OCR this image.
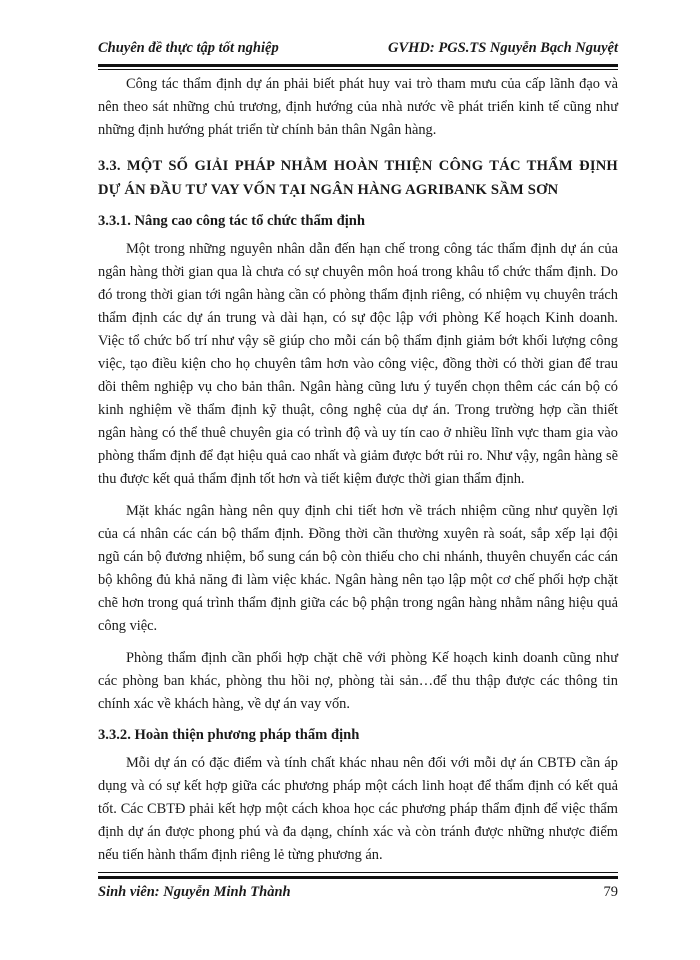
Chuyên đề thực tập tốt nghiệp	GVHD: PGS.TS Nguyễn Bạch Nguyệt

Công tác thẩm định dự án phải biết phát huy vai trò tham mưu của cấp lãnh đạo và nên theo sát những chủ trương, định hướng của nhà nước về phát triển kinh tế cũng như những định hướng phát triển từ chính bản thân Ngân hàng.

3.3. MỘT SỐ GIẢI PHÁP NHẰM HOÀN THIỆN CÔNG TÁC THẨM ĐỊNH DỰ ÁN ĐẦU TƯ VAY VỐN TẠI NGÂN HÀNG AGRIBANK SẦM SƠN
3.3.1. Nâng cao công tác tổ chức thẩm định

Một trong những nguyên nhân dẫn đến hạn chế trong công tác thẩm định dự án của ngân hàng thời gian qua là chưa có sự chuyên môn hoá trong khâu tổ chức thẩm định. Do đó trong thời gian tới ngân hàng cần có phòng thẩm định riêng, có nhiệm vụ chuyên trách thẩm định các dự án trung và dài hạn, có sự độc lập với phòng Kế hoạch Kinh doanh. Việc tổ chức bố trí như vậy sẽ giúp cho mỗi cán bộ thẩm định giảm bớt khối lượng công việc, tạo điều kiện cho họ chuyên tâm hơn vào công việc, đồng thời có thời gian để trau dồi thêm nghiệp vụ cho bản thân. Ngân hàng cũng lưu ý tuyển chọn thêm các cán bộ có kinh nghiệm về thẩm định kỹ thuật, công nghệ của dự án. Trong trường hợp cần thiết ngân hàng có thể thuê chuyên gia có trình độ và uy tín cao ở nhiều lĩnh vực tham gia vào phòng thẩm định để đạt hiệu quả cao nhất và giảm được bớt rủi ro. Như vậy, ngân hàng sẽ thu được kết quả thẩm định tốt hơn và tiết kiệm được thời gian thẩm định.

Mặt khác ngân hàng nên quy định chi tiết hơn về trách nhiệm cũng như quyền lợi của cá nhân các cán bộ thẩm định. Đồng thời cần thường xuyên rà soát, sắp xếp lại đội ngũ cán bộ đương nhiệm, bổ sung cán bộ còn thiếu cho chi nhánh, thuyên chuyển các cán bộ không đủ khả năng đi làm việc khác. Ngân hàng nên tạo lập một cơ chế phối hợp chặt chẽ hơn trong quá trình thẩm định giữa các bộ phận trong ngân hàng nhằm nâng hiệu quả công việc.

Phòng thẩm định cần phối hợp chặt chẽ với phòng Kế hoạch kinh doanh cũng như các phòng ban khác, phòng thu hồi nợ, phòng tài sản…để thu thập được các thông tin chính xác về khách hàng, về dự án vay vốn.

3.3.2. Hoàn thiện phương pháp thẩm định

Mỗi dự án có đặc điểm và tính chất khác nhau nên đối với mỗi dự án CBTĐ cần áp dụng và có sự kết hợp giữa các phương pháp một cách linh hoạt để thẩm định có kết quả tốt. Các CBTĐ phải kết hợp một cách khoa học các phương pháp thẩm định để việc thẩm định dự án được phong phú và đa dạng, chính xác và còn tránh được những nhược điểm nếu tiến hành thẩm định riêng lẻ từng phương án.

Sinh viên: Nguyễn Minh Thành	79
